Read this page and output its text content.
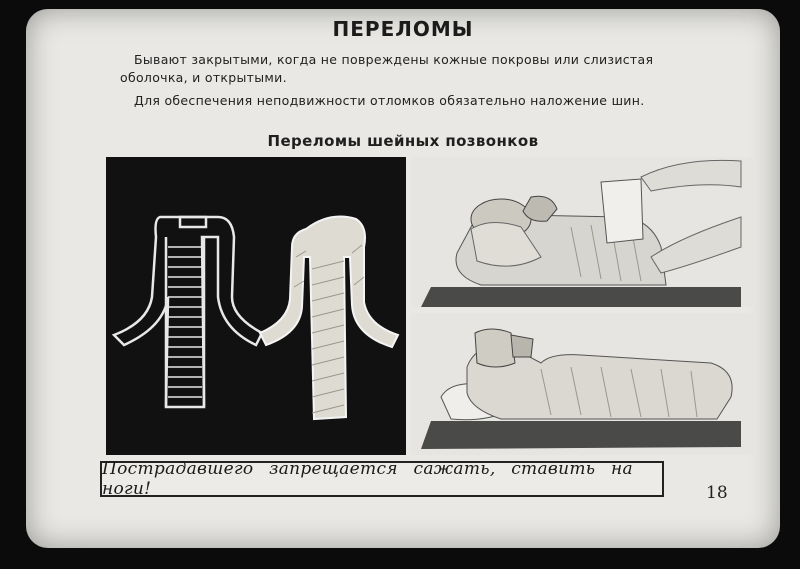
ПЕРЕЛОМЫ
Бывают закрытыми, когда не повреждены кожные покровы или слизистая оболочка, и открытыми.
Для обеспечения неподвижности отломков обязательно наложение шин.
Переломы шейных позвонков
Пострадавшего запрещается сажать, ставить на ноги!	18
